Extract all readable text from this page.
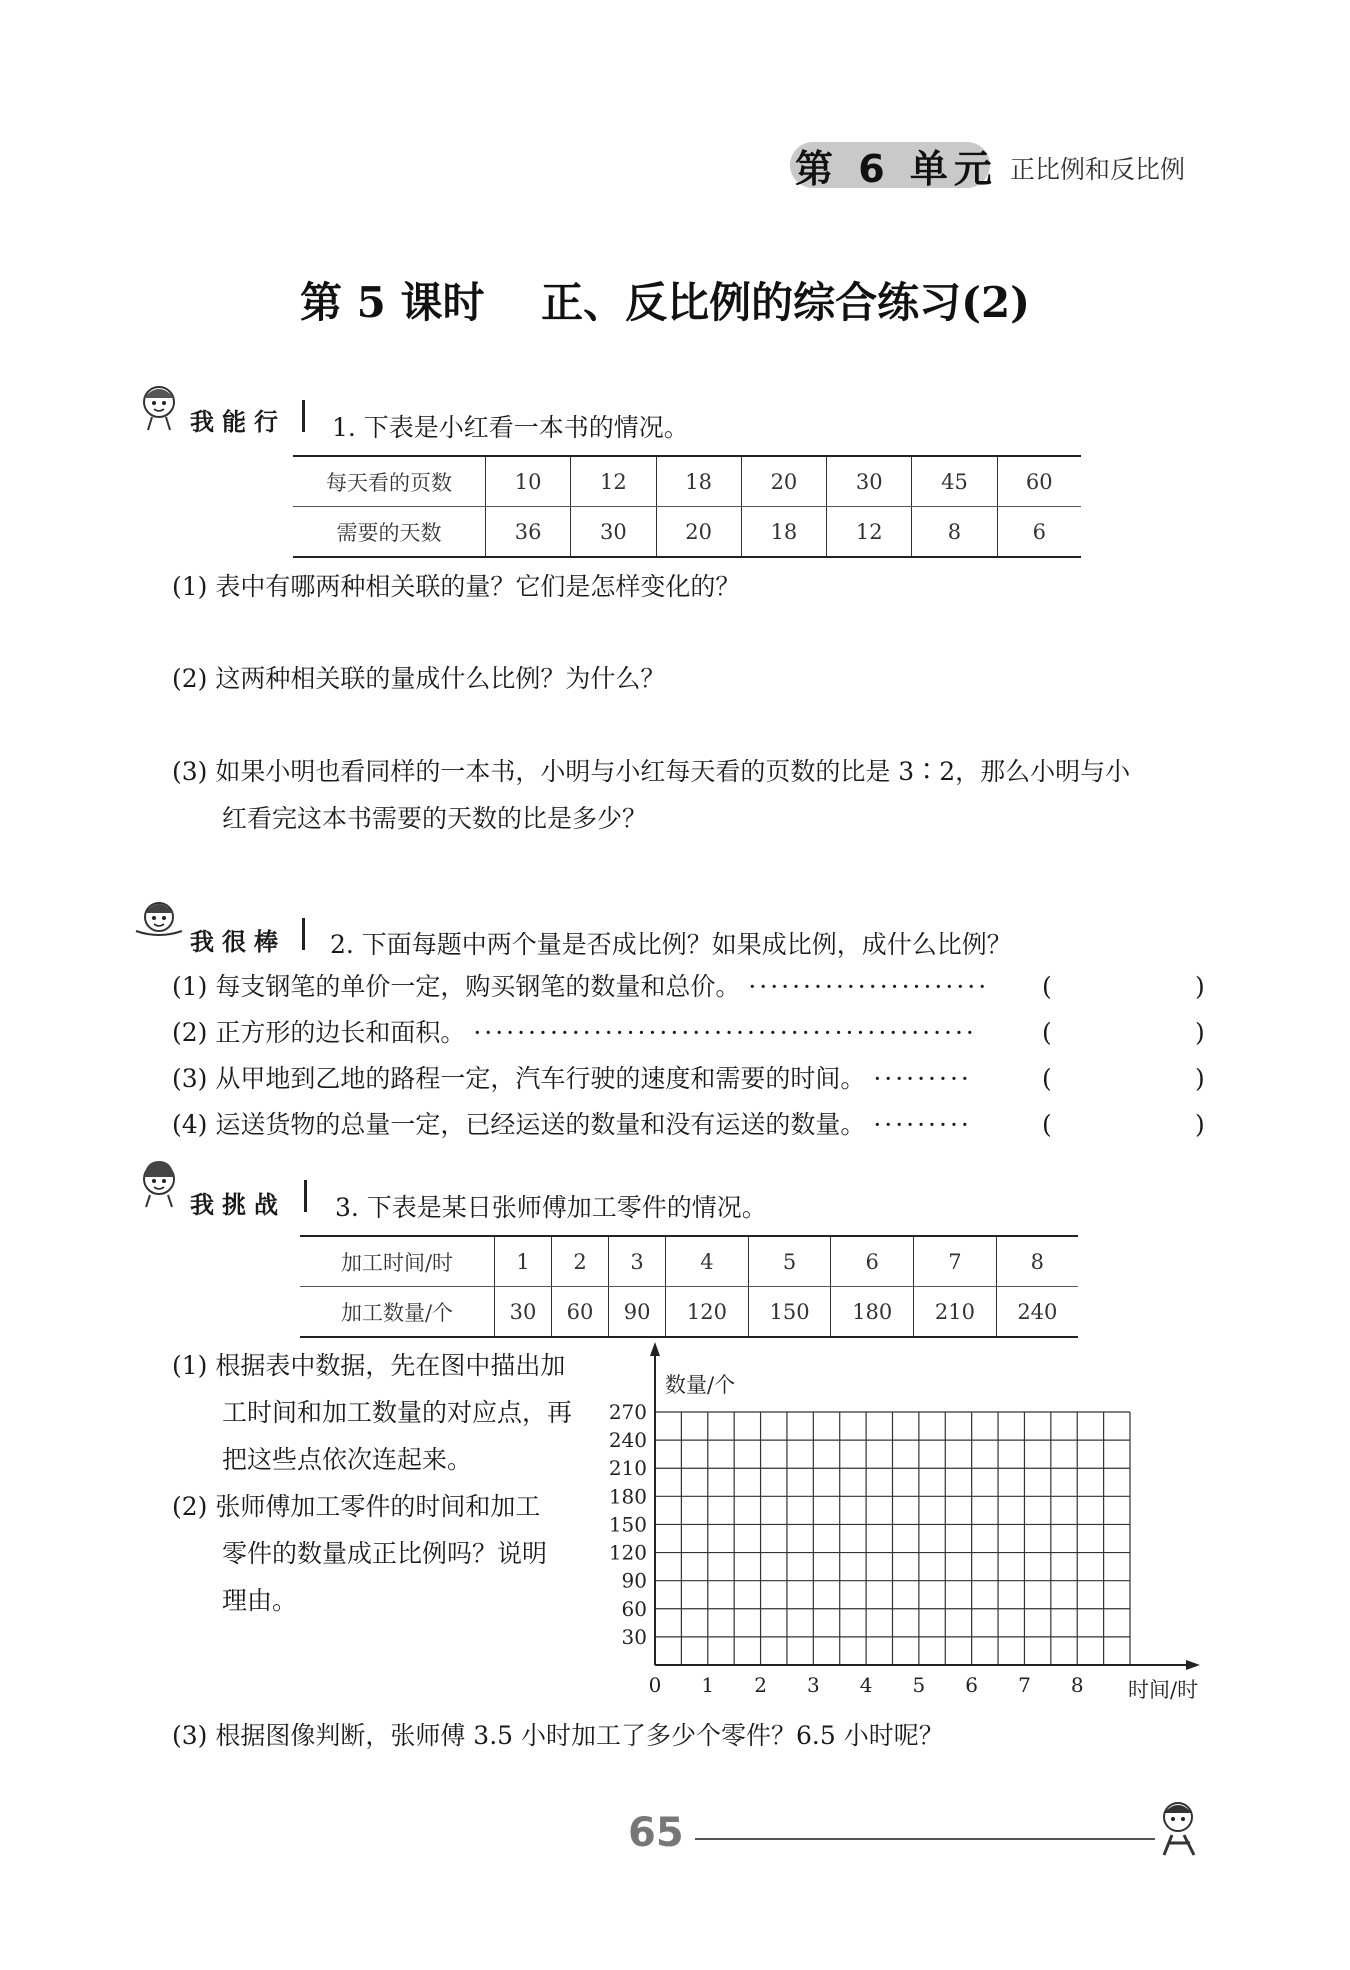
第 6 单元 正比例和反比例
第 5 课时　 正、反比例的综合练习(2)
我能行 1. 下表是小红看一本书的情况。
每天看的页数	10	12	18	20	30	45	60
需要的天数	36	30	20	18	12	8	6
(1) 表中有哪两种相关联的量？它们是怎样变化的？
(2) 这两种相关联的量成什么比例？为什么？
(3) 如果小明也看同样的一本书，小明与小红每天看的页数的比是 3∶2，那么小明与小
红看完这本书需要的天数的比是多少？
我很棒 2. 下面每题中两个量是否成比例？如果成比例，成什么比例？
(1) 每支钢笔的单价一定，购买钢笔的数量和总价。 ······················
(2) 正方形的边长和面积。 ··············································
(3) 从甲地到乙地的路程一定，汽车行驶的速度和需要的时间。 ·········
(4) 运送货物的总量一定，已经运送的数量和没有运送的数量。 ·········
(	)
(	)
(	)
(	)
我挑战 3. 下表是某日张师傅加工零件的情况。
加工时间/时	1	2	3	4	5	6	7	8
加工数量/个	30	60	90	120	150	180	210	240
(1) 根据表中数据，先在图中描出加
工时间和加工数量的对应点，再
把这些点依次连起来。
(2) 张师傅加工零件的时间和加工
零件的数量成正比例吗？说明
理由。
30
60
90
120
150
180
210
240
270
0 1 2 3 4 5 6 7 8
数量/个
时间/时
(3) 根据图像判断，张师傅 3.5 小时加工了多少个零件？6.5 小时呢？
65
